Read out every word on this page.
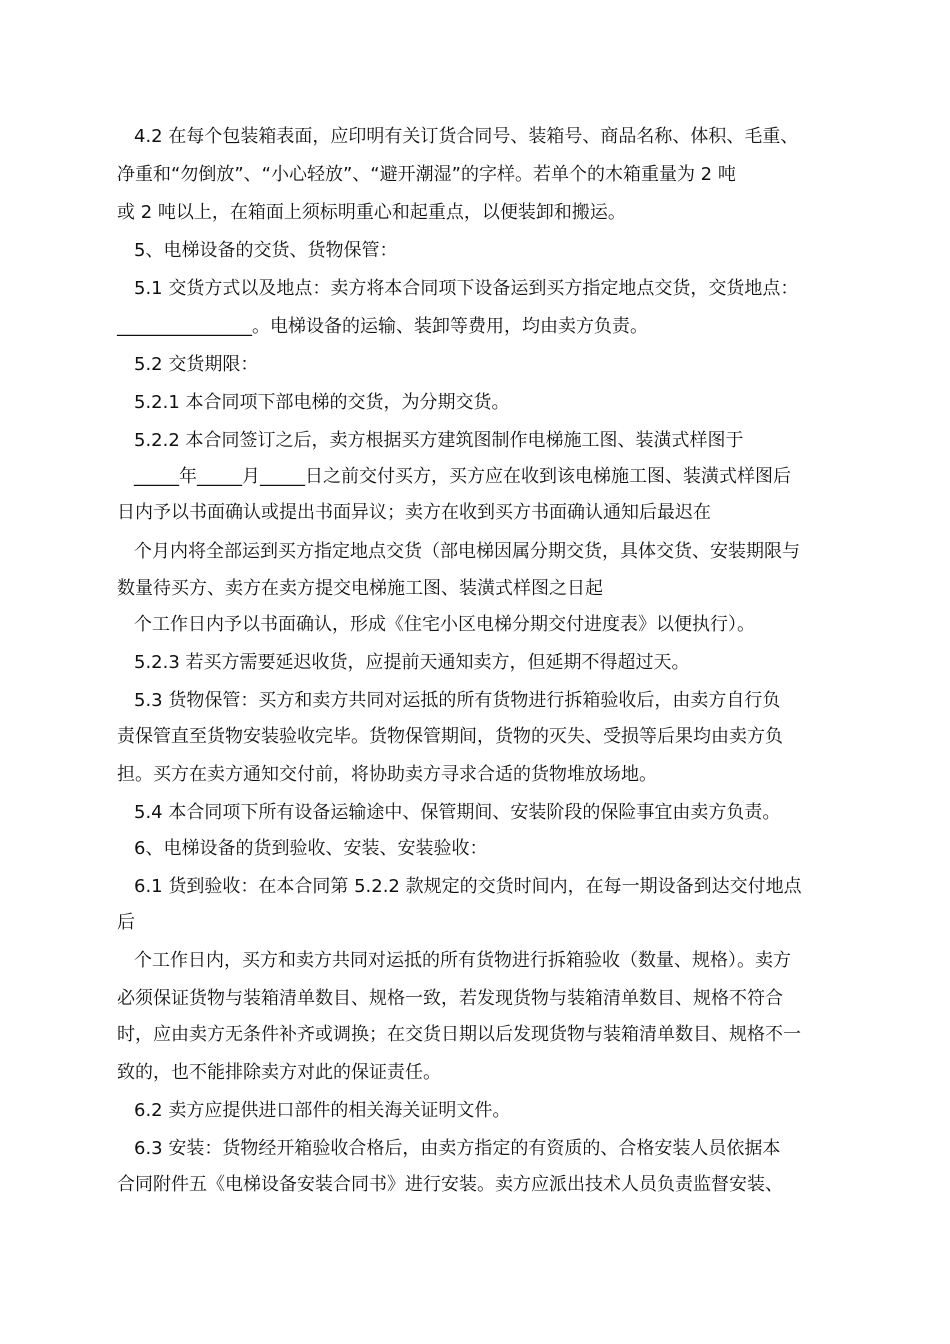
4.2 在每个包装箱表面，应印明有关订货合同号、装箱号、商品名称、体积、毛重、
净重和“勿倒放”、“小心轻放”、“避开潮湿”的字样。若单个的木箱重量为 2 吨
或 2 吨以上，在箱面上须标明重心和起重点，以便装卸和搬运。
5、电梯设备的交货、货物保管：
5.1 交货方式以及地点：卖方将本合同项下设备运到买方指定地点交货，交货地点：
_______________。电梯设备的运输、装卸等费用，均由卖方负责。
5.2 交货期限：
5.2.1 本合同项下部电梯的交货，为分期交货。
5.2.2 本合同签订之后，卖方根据买方建筑图制作电梯施工图、装潢式样图于
_____年_____月_____日之前交付买方，买方应在收到该电梯施工图、装潢式样图后
日内予以书面确认或提出书面异议；卖方在收到买方书面确认通知后最迟在
个月内将全部运到买方指定地点交货（部电梯因属分期交货，具体交货、安装期限与
数量待买方、卖方在卖方提交电梯施工图、装潢式样图之日起
个工作日内予以书面确认，形成《住宅小区电梯分期交付进度表》以便执行）。
5.2.3 若买方需要延迟收货，应提前天通知卖方，但延期不得超过天。
5.3 货物保管：买方和卖方共同对运抵的所有货物进行拆箱验收后，由卖方自行负
责保管直至货物安装验收完毕。货物保管期间，货物的灭失、受损等后果均由卖方负
担。买方在卖方通知交付前，将协助卖方寻求合适的货物堆放场地。
5.4 本合同项下所有设备运输途中、保管期间、安装阶段的保险事宜由卖方负责。
6、电梯设备的货到验收、安装、安装验收：
6.1 货到验收：在本合同第 5.2.2 款规定的交货时间内，在每一期设备到达交付地点
后
个工作日内，买方和卖方共同对运抵的所有货物进行拆箱验收（数量、规格）。卖方
必须保证货物与装箱清单数目、规格一致，若发现货物与装箱清单数目、规格不符合
时，应由卖方无条件补齐或调换；在交货日期以后发现货物与装箱清单数目、规格不一
致的，也不能排除卖方对此的保证责任。
6.2 卖方应提供进口部件的相关海关证明文件。
6.3 安装：货物经开箱验收合格后，由卖方指定的有资质的、合格安装人员依据本
合同附件五《电梯设备安装合同书》进行安装。卖方应派出技术人员负责监督安装、
